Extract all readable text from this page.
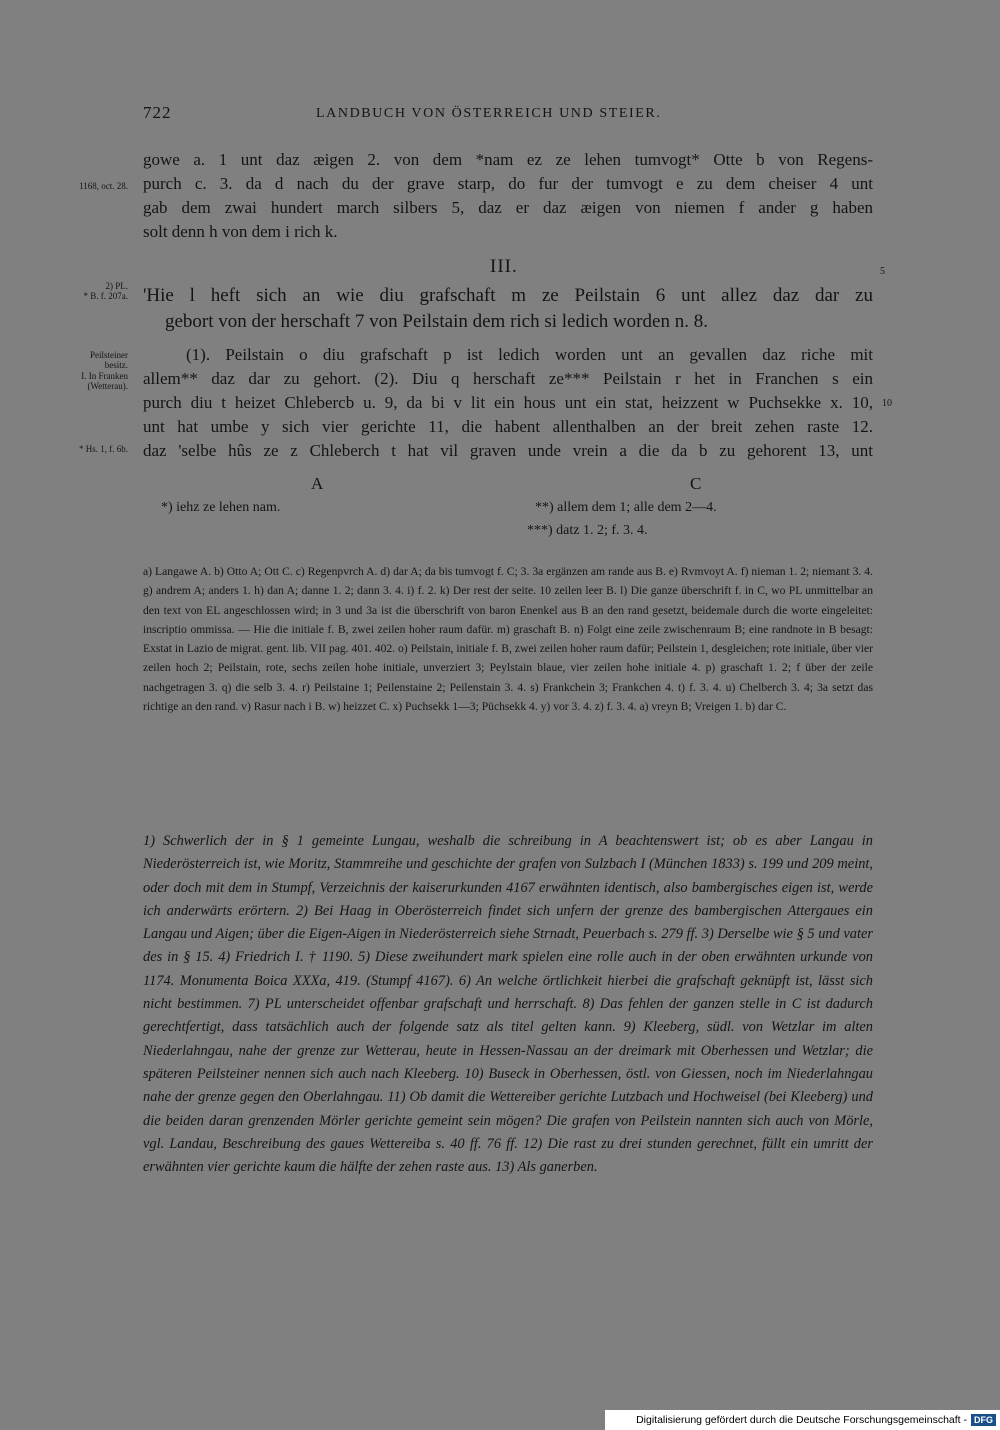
722	LANDBUCH VON ÖSTERREICH UND STEIER.
gowe a. 1 unt daz æigen 2. von dem *nam ez ze lehen tumvogt* Otte b von Regens-
purch c. 3. da d nach du der grave starp, do fur der tumvogt e zu dem cheiser 4 unt
gab dem zwai hundert march silbers 5, daz er daz æigen von niemen f ander g haben
solt denn h von dem i rich k.
1168, oct. 28.
2) PL.
* B. f. 207a.
Peilsteiner
besitz.
I. In Franken
(Wetterau).
* Hs. 1, f. 6b.
5
10
III.
'Hie l heft sich an wie diu grafschaft m ze Peilstain 6 unt allez daz dar zu
gebort von der herschaft 7 von Peilstain dem rich si ledich worden n. 8.
(1). Peilstain o diu grafschaft p ist ledich worden unt an gevallen daz riche mit
allem** daz dar zu gehort. (2). Diu q herschaft ze*** Peilstain r het in Franchen s ein
purch diu t heizet Chlebercb u. 9, da bi v lit ein hous unt ein stat, heizzent w Puchsekke x. 10,
unt hat umbe y sich vier gerichte 11, die habent allenthalben an der breit zehen raste 12.
daz 'selbe hûs ze z Chleberch t hat vil graven unde vrein a die da b zu gehorent 13, unt
A	C
*) iehz ze lehen nam.	**) allem dem 1; alle dem 2—4.
***) datz 1. 2; f. 3. 4.

a) Langawe A. b) Otto A; Ott C. c) Regenpvrch A. d) dar A; da bis tumvogt f. C; 3. 3a ergänzen am rande aus B. e) Rvmvoyt A. f) nieman 1. 2; niemant 3. 4. g) andrem A; anders 1. h) dan A; danne 1. 2; dann 3. 4. i) f. 2. k) Der rest der seite. 10 zeilen leer B. l) Die ganze überschrift f. in C, wo PL unmittelbar an den text von EL angeschlossen wird; in 3 und 3a ist die überschrift von baron Enenkel aus B an den rand gesetzt, beidemale durch die worte eingeleitet: inscriptio ommissa. — Hie die initiale f. B, zwei zeilen hoher raum dafür. m) graschaft B. n) Folgt eine zeile zwischenraum B; eine randnote in B besagt: Exstat in Lazio de migrat. gent. lib. VII pag. 401. 402. o) Peilstain, initiale f. B, zwei zeilen hoher raum dafür; Peilstein 1, desgleichen; rote initiale, über vier zeilen hoch 2; Peilstain, rote, sechs zeilen hohe initiale, unverziert 3; Peylstain blaue, vier zeilen hohe initiale 4. p) graschaft 1. 2; f über der zeile nachgetragen 3. q) die selb 3. 4. r) Peilstaine 1; Peilenstaine 2; Peilenstain 3. 4. s) Frankchein 3; Frankchen 4. t) f. 3. 4. u) Chelberch 3. 4; 3a setzt das richtige an den rand. v) Rasur nach i B. w) heizzet C. x) Puchsekk 1—3; Püchsekk 4. y) vor 3. 4. z) f. 3. 4. a) vreyn B; Vreigen 1. b) dar C.

1) Schwerlich der in § 1 gemeinte Lungau, weshalb die schreibung in A beachtenswert ist; ob es aber Langau in Niederösterreich ist, wie Moritz, Stammreihe und geschichte der grafen von Sulzbach I (München 1833) s. 199 und 209 meint, oder doch mit dem in Stumpf, Verzeichnis der kaiserurkunden 4167 erwähnten identisch, also bambergisches eigen ist, werde ich anderwärts erörtern. 2) Bei Haag in Oberösterreich findet sich unfern der grenze des bambergischen Attergaues ein Langau und Aigen; über die Eigen-Aigen in Niederösterreich siehe Strnadt, Peuerbach s. 279 ff. 3) Derselbe wie § 5 und vater des in § 15. 4) Friedrich I. † 1190. 5) Diese zweihundert mark spielen eine rolle auch in der oben erwähnten urkunde von 1174. Monumenta Boica XXXa, 419. (Stumpf 4167). 6) An welche örtlichkeit hierbei die grafschaft geknüpft ist, lässt sich nicht bestimmen. 7) PL unterscheidet offenbar grafschaft und herrschaft. 8) Das fehlen der ganzen stelle in C ist dadurch gerechtfertigt, dass tatsächlich auch der folgende satz als titel gelten kann. 9) Kleeberg, südl. von Wetzlar im alten Niederlahngau, nahe der grenze zur Wetterau, heute in Hessen-Nassau an der dreimark mit Oberhessen und Wetzlar; die späteren Peilsteiner nennen sich auch nach Kleeberg. 10) Buseck in Oberhessen, östl. von Giessen, noch im Niederlahngau nahe der grenze gegen den Oberlahngau. 11) Ob damit die Wettereiber gerichte Lutzbach und Hochweisel (bei Kleeberg) und die beiden daran grenzenden Mörler gerichte gemeint sein mögen? Die grafen von Peilstein nannten sich auch von Mörle, vgl. Landau, Beschreibung des gaues Wettereiba s. 40 ff. 76 ff. 12) Die rast zu drei stunden gerechnet, füllt ein umritt der erwähnten vier gerichte kaum die hälfte der zehen raste aus. 13) Als ganerben.

Digitalisierung gefördert durch die Deutsche Forschungsgemeinschaft - DFG
